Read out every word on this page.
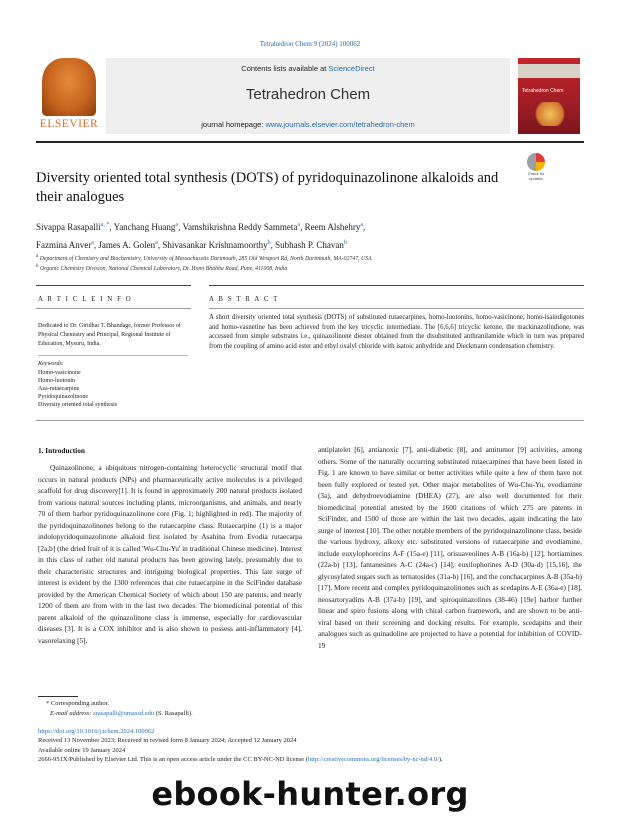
Tetrahedron Chem 9 (2024) 100062
ELSEVIER
Contents lists available at ScienceDirect
Tetrahedron Chem
journal homepage: www.journals.elsevier.com/tetrahedron-chem
Tetrahedron Chem
Diversity oriented total synthesis (DOTS) of pyridoquinazolinone alkaloids and their analogues
Check for updates
Sivappa Rasapalli$^{a, *}$, Yanchang Huang$^a$, Vamshikrishna Reddy Sammeta$^a$, Reem Alshehry$^a$,
Fazmina Anver$^a$, James A. Golen$^a$, Shivasankar Krishnamoorthy$^b$, Subhash P. Chavan$^b$
$^a$ Department of Chemistry and Biochemistry, University of Massachusetts Dartmouth, 285 Old Westport Rd, North Dartmouth, MA-02747, USA
$^b$ Organic Chemistry Division, National Chemical Laboratory, Dr. Homi Bhabha Road, Pune, 411008, India
A R T I C L E I N F O	A B S T R A C T
Dedicated to Dr. Giridhar T. Bhandage, former Professor of Physical Chemistry and Principal, Regional Institute of Education, Mysuru, India.
Keywords:
Homo-vasicinone
Homo-luotonin
Aza-rutaecarpine
Pyridoquinazolinone
Diversity oriented total synthesis
A short diversity oriented total synthesis (DOTS) of substituted rutaecarpines, homo-luotonins, homo-vasicinone, homo-isaindigotones and homo-vasnetine has been achieved from the key tricyclic intermediate. The [6,6,6] tricyclic ketone, the mackinazolindione, was accessed from simple substrates i.e., quinazolinone diester obtained from the disubstituted anthranilamide which in turn was prepared from the coupling of amino acid ester and ethyl oxalyl chloride with isatoic anhydride and Dieckmann condensation chemistry.
1. Introduction

Quinazolinone, a ubiquitous nitrogen-containing heterocyclic structural motif that occurs in natural products (NPs) and pharmaceutically active molecules is a privileged scaffold for drug discovery[1]. It is found in approximately 200 natural products isolated from various natural sources including plants, microorganisms, and animals, and nearly 70 of them harbor pyridoquinazolinone core (Fig. 1; highlighted in red). The majority of the pyridoquinazolinones belong to the rutaecarpine class. Rutaecarpine (1) is a major indolopyridoquinazolinone alkaloid first isolated by Asahina from Evodia rutaecarpa [2a,b] (the dried fruit of it is called 'Wu-Chu-Yu' in traditional Chinese medicine). Interest in this class of rather old natural products has been growing lately, presumably due to their characteristic structures and intriguing biological properties. This late surge of interest is evident by the 1300 references that cite rutaecarpine in the SciFinder database provided by the American Chemical Society of which about 150 are patents, and nearly 1200 of them are from with in the last two decades. The biomedicinal potential of this parent alkaloid of the quinazolinone class is immense, especially for cardiovascular diseases [3]. It is a COX inhibitor and is also shown to possess anti-inflammatory [4], vasorelaxing [5],

antiplatelet [6], antianoxic [7], anti-diabetic [8], and antitumor [9] activities, among others. Some of the naturally occurring substituted rutaecarpines that have been listed in Fig. 1 are known to have similar or better activities while quite a few of them have not been fully explored or tested yet. Other major metabolites of Wu-Chu-Yu, evodiamine (3a), and dehydroevodiamine (DHEA) (27), are also well documented for their biomedicinal potential attested by the 1600 citations of which 275 are patents in SciFinder, and 1500 of those are within the last two decades, again indicating the late surge of interest [10]. The other notable members of the pyridoquinazolinone class, beside the various hydroxy, alkoxy etc. substituted versions of rutaecarpine and evodiamine, include euxylophorecins A-F (15a-e) [11], orisuaveolines A-B (16a-b) [12], hortiamines (22a-b) [13], fantanesines A-C (24a-c) [14], euxilophorines A-D (30a-d) [15,16], the glycosylated sugars such as ternatosides (31a-b) [16], and the conchacarpines A-B (35a-b) [17]. More recent and complex pyridoquinazolinones such as scedapins A-E (36a-e) [18], neosartoryadins A-B (37a-b) [19], and spiroquinazolines (38-46) [19e] harbor further linear and spiro fusions along with chiral carbon framework, and are shown to be anti-viral based on their screening and docking results. For example, scedapins and their analogues such as quinadoline are projected to have a potential for inhibition of COVID-19

* Corresponding author.
E-mail address: srasapalli@umassd.edu (S. Rasapalli).
https://doi.org/10.1016/j.tchem.2024.100062
Received 13 November 2023; Received in revised form 8 January 2024; Accepted 12 January 2024
Available online 19 January 2024
2666-951X/Published by Elsevier Ltd. This is an open access article under the CC BY-NC-ND license (http://creativecommons.org/licenses/by-nc-nd/4.0/).
ebook-hunter.org
